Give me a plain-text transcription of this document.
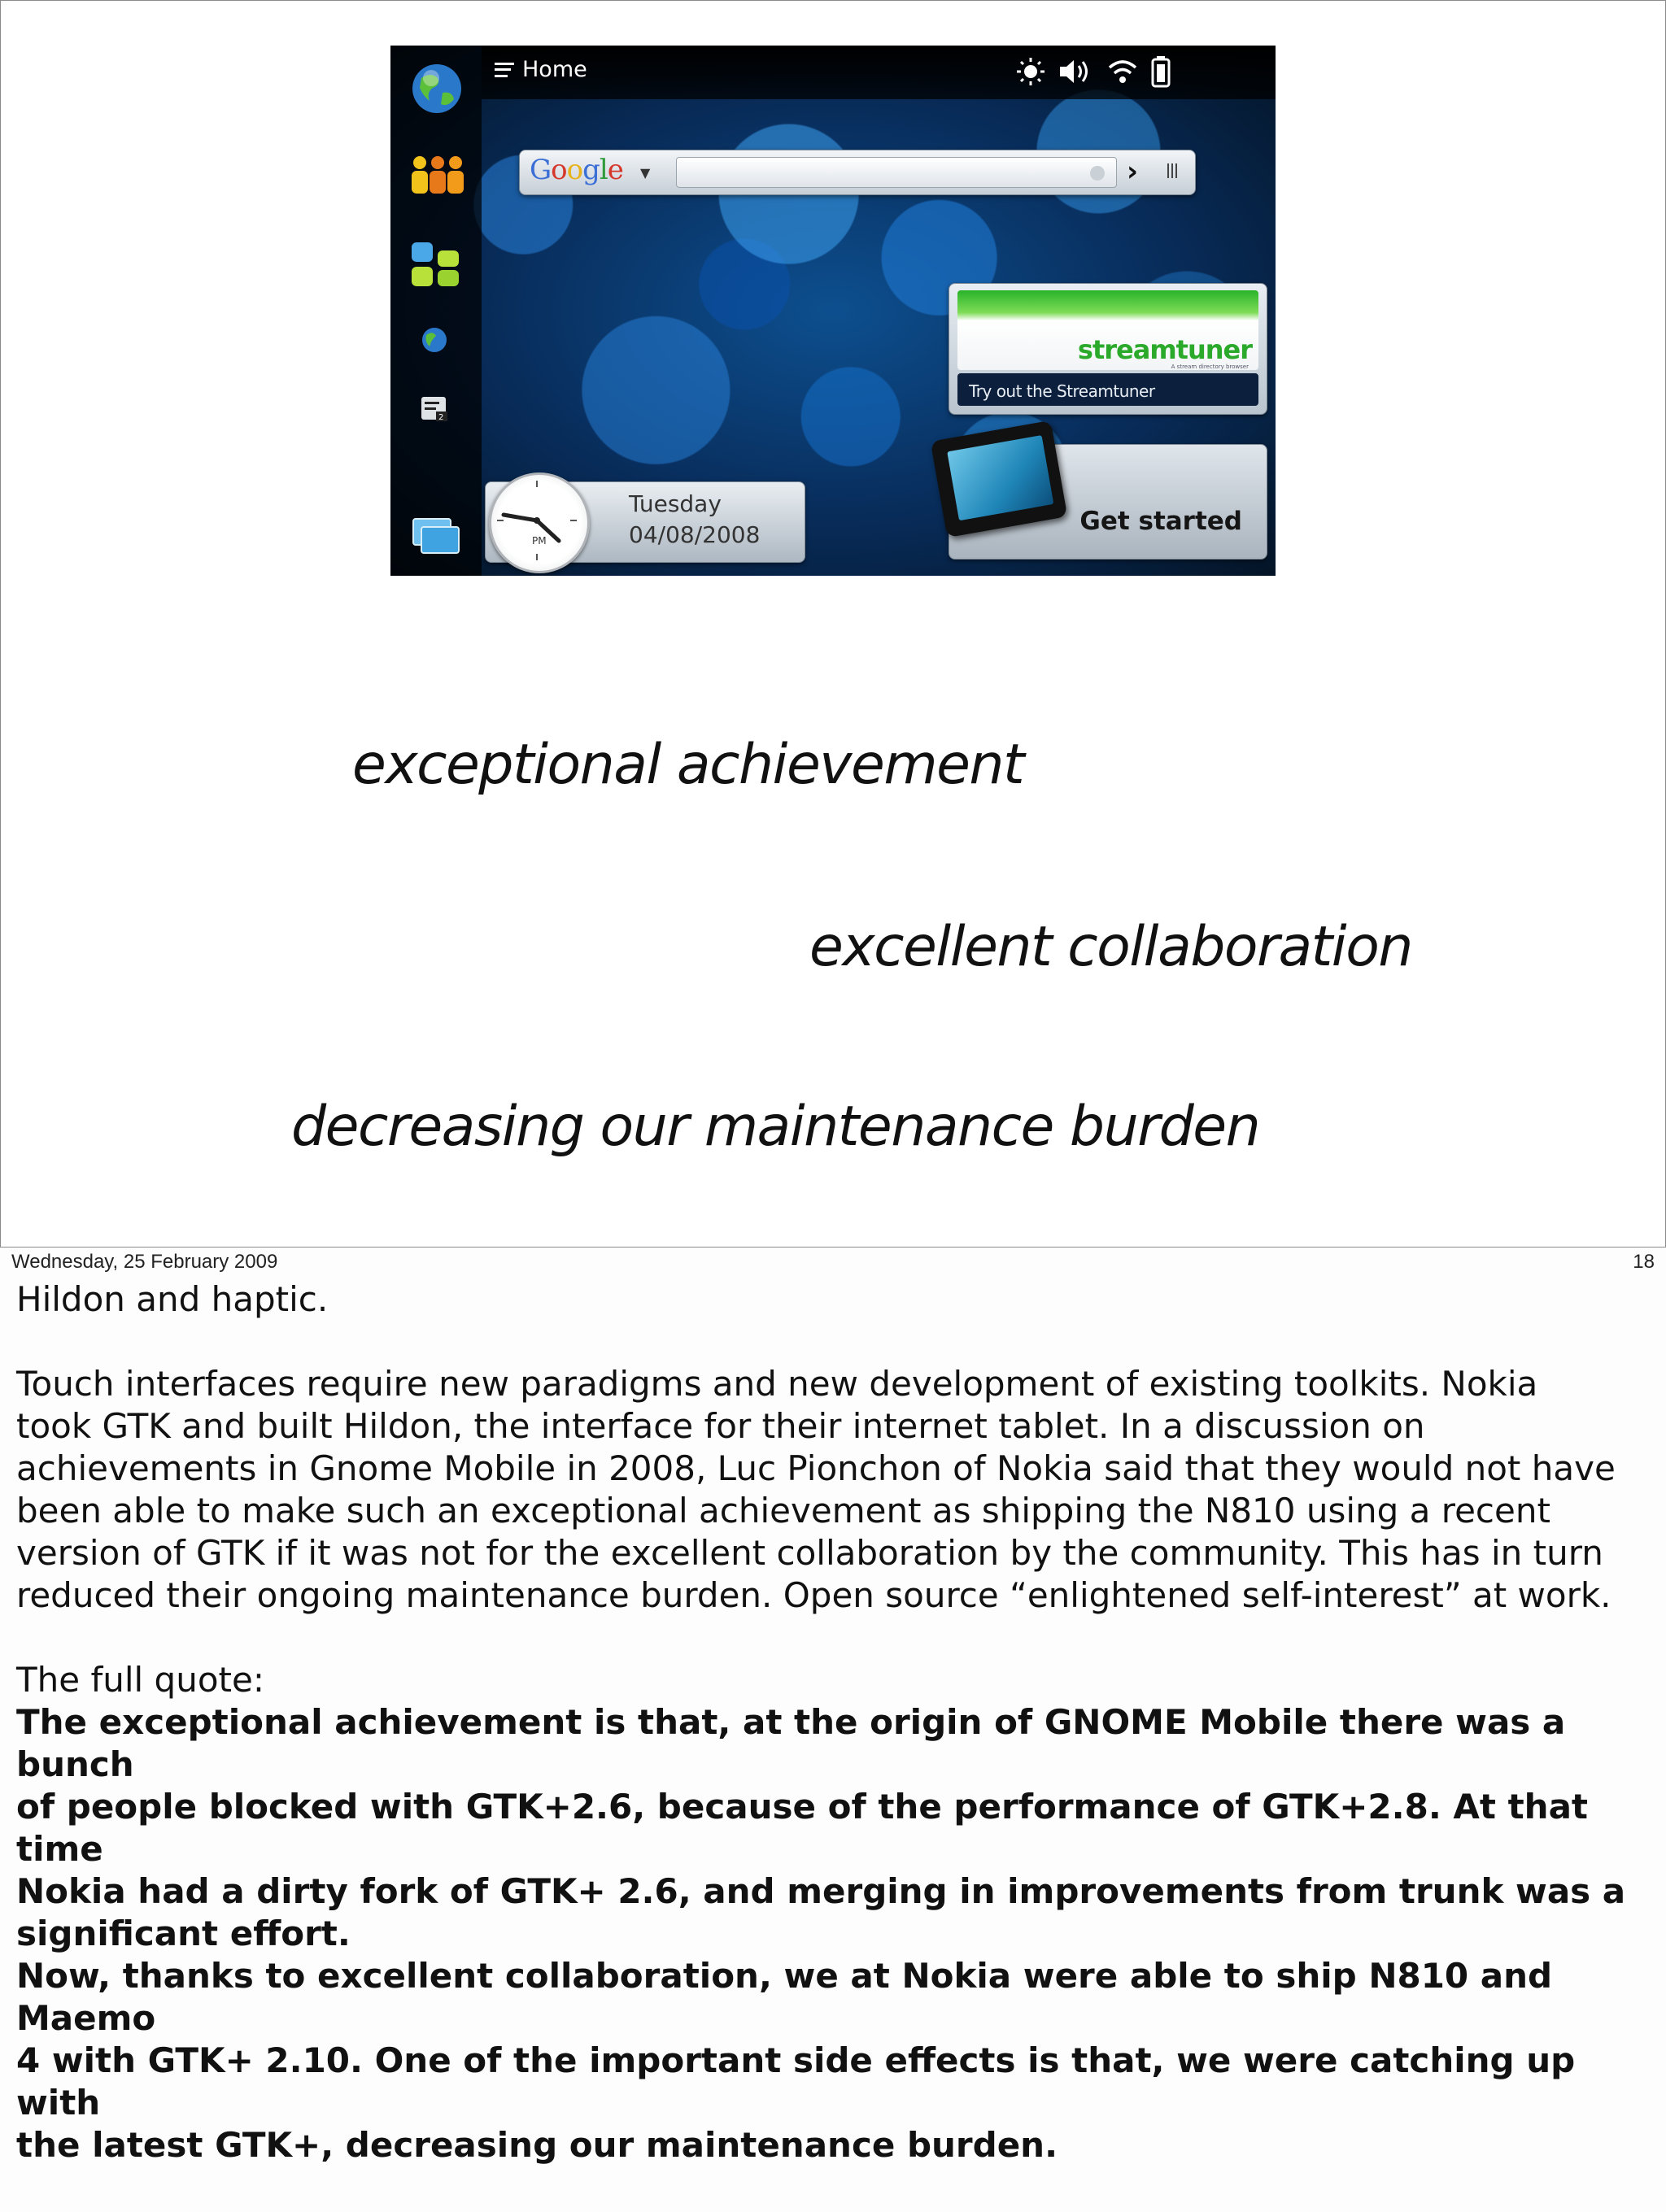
Home
2
Google ▼	›
streamtuner
A stream directory browser
Try out the Streamtuner
Get started
PM
Tuesday
04/08/2008
exceptional achievement
excellent collaboration
decreasing our maintenance burden
Wednesday, 25 February 2009	18

Hildon and haptic.

Touch interfaces require new paradigms and new development of existing toolkits. Nokia

took GTK and built Hildon, the interface for their internet tablet. In a discussion on

achievements in Gnome Mobile in 2008, Luc Pionchon of Nokia said that they would not have

been able to make such an exceptional achievement as shipping the N810 using a recent

version of GTK if it was not for the excellent collaboration by the community. This has in turn

reduced their ongoing maintenance burden. Open source “enlightened self-interest” at work.

The full quote:

The exceptional achievement is that, at the origin of GNOME Mobile there was a bunch

of people blocked with GTK+2.6, because of the performance of GTK+2.8. At that time

Nokia had a dirty fork of GTK+ 2.6, and merging in improvements from trunk was a

significant effort.

Now, thanks to excellent collaboration, we at Nokia were able to ship N810 and Maemo

4 with GTK+ 2.10. One of the important side effects is that, we were catching up with

the latest GTK+, decreasing our maintenance burden.
